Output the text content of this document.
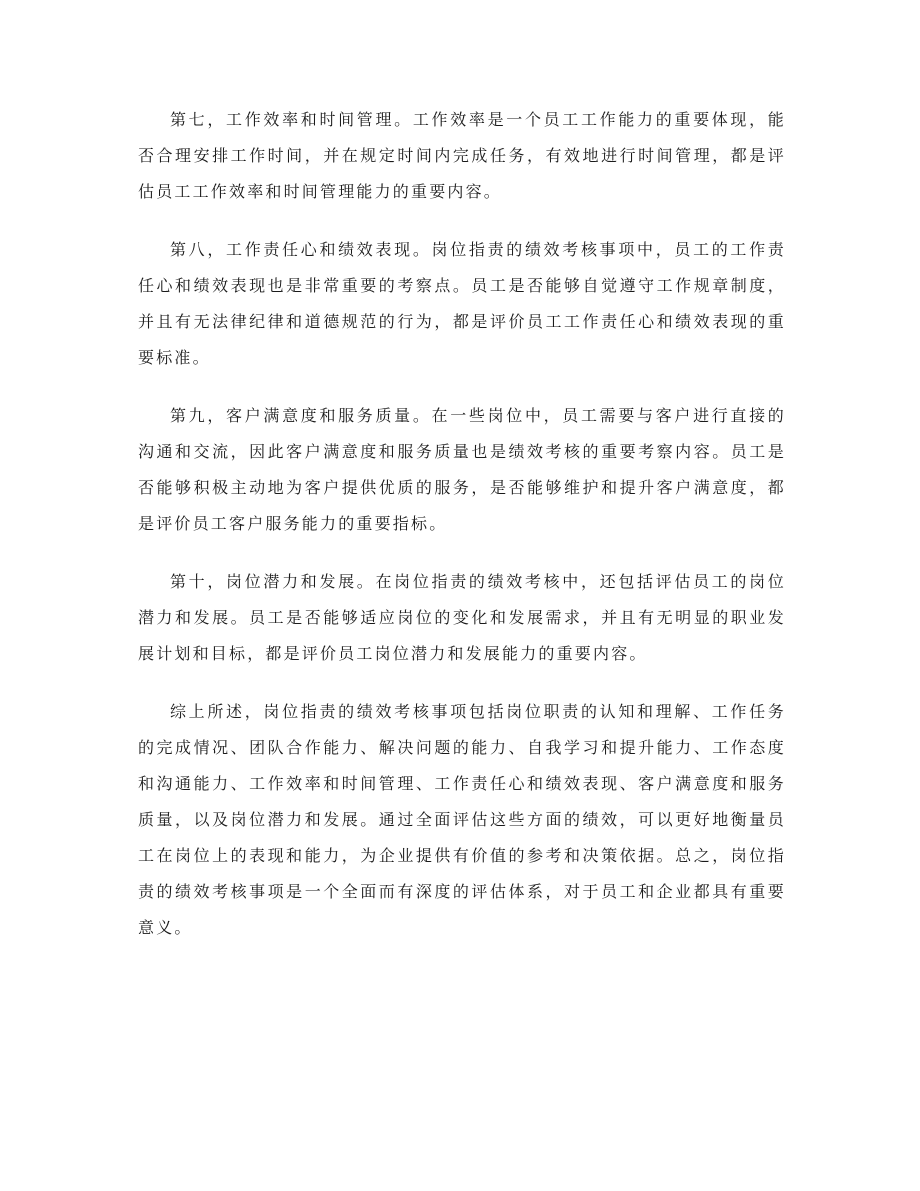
第七，工作效率和时间管理。工作效率是一个员工工作能力的重要体现，能否合理安排工作时间，并在规定时间内完成任务，有效地进行时间管理，都是评估员工工作效率和时间管理能力的重要内容。

第八，工作责任心和绩效表现。岗位指责的绩效考核事项中，员工的工作责任心和绩效表现也是非常重要的考察点。员工是否能够自觉遵守工作规章制度，并且有无法律纪律和道德规范的行为，都是评价员工工作责任心和绩效表现的重要标准。

第九，客户满意度和服务质量。在一些岗位中，员工需要与客户进行直接的沟通和交流，因此客户满意度和服务质量也是绩效考核的重要考察内容。员工是否能够积极主动地为客户提供优质的服务，是否能够维护和提升客户满意度，都是评价员工客户服务能力的重要指标。

第十，岗位潜力和发展。在岗位指责的绩效考核中，还包括评估员工的岗位潜力和发展。员工是否能够适应岗位的变化和发展需求，并且有无明显的职业发展计划和目标，都是评价员工岗位潜力和发展能力的重要内容。

综上所述，岗位指责的绩效考核事项包括岗位职责的认知和理解、工作任务的完成情况、团队合作能力、解决问题的能力、自我学习和提升能力、工作态度和沟通能力、工作效率和时间管理、工作责任心和绩效表现、客户满意度和服务质量，以及岗位潜力和发展。通过全面评估这些方面的绩效，可以更好地衡量员工在岗位上的表现和能力，为企业提供有价值的参考和决策依据。总之，岗位指责的绩效考核事项是一个全面而有深度的评估体系，对于员工和企业都具有重要意义。
